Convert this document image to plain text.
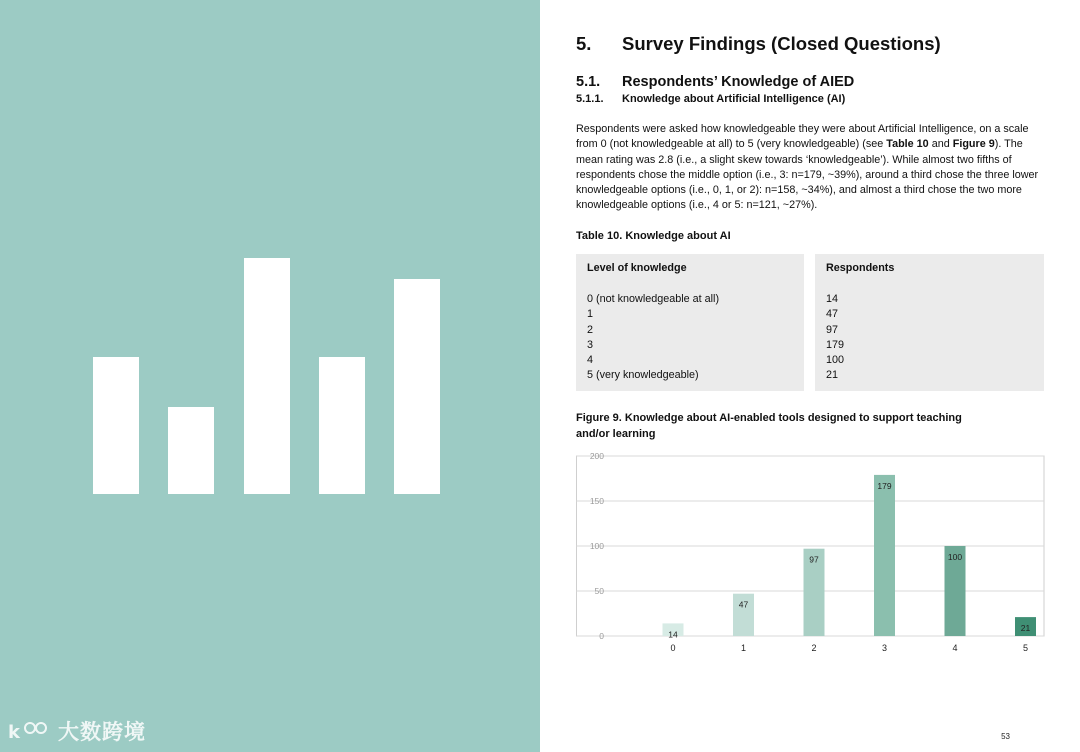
k 大数跨境
5. Survey Findings (Closed Questions)
5.1. Respondents’ Knowledge of AIED
5.1.1. Knowledge about Artificial Intelligence (AI)

Respondents were asked how knowledgeable they were about Artificial Intelligence, on a scale from 0 (not knowledgeable at all) to 5 (very knowledgeable) (see Table 10 and Figure 9). The mean rating was 2.8 (i.e., a slight skew towards ‘knowledgeable’). While almost two fifths of respondents chose the middle option (i.e., 3: n=179, ~39%), around a third chose the three lower knowledgeable options (i.e., 0, 1, or 2): n=158, ~34%), and almost a third chose the two more knowledgeable options (i.e., 4 or 5: n=121, ~27%).

Table 10. Knowledge about AI
Level of knowledge
0 (not knowledgeable at all)
1
2
3
4
5 (very knowledgeable)
Respondents
14
47
97
179
100
21
Figure 9. Knowledge about AI-enabled tools designed to support teaching and/or learning
0
50
100
150
200
14
0
47
1
97
2
179
3
100
4
21
5
53
